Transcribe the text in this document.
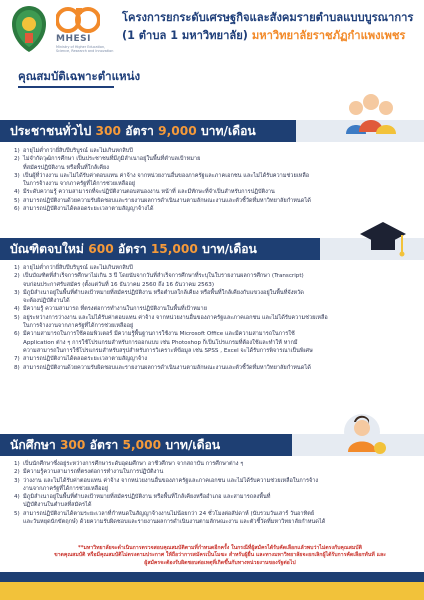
MHESI
Ministry of Higher Education, Science, Research and Innovation
โครงการยกระดับเศรษฐกิจและสังคมรายตำบลแบบบูรณาการ
(1 ตำบล 1 มหาวิทยาลัย) มหาวิทยาลัยราชภัฏกำแพงเพชร
คุณสมบัติเฉพาะตำแหน่ง
ประชาชนทั่วไป 300 อัตรา 9,000 บาท/เดือน
1) อายุไม่ต่ำกว่ายี่สิบปีบริบูรณ์ และไม่เกินหกสิบปี
2) ไม่จำกัดวุฒิการศึกษา เป็นประชาชนที่มีภูมิลำเนาอยู่ในพื้นที่ตำบลเป้าหมาย
ที่สมัครปฏิบัติงาน หรือพื้นที่ใกล้เคียง
3) เป็นผู้ที่ว่างงาน และไม่ได้รับค่าตอบแทน ค่าจ้าง จากหน่วยงานอื่นของภาครัฐและภาคเอกชน และไม่ได้รับความช่วยเหลือ
ในการจ้างงาน จากภาครัฐที่ได้การช่วยเหลืออยู่
4) มีระดับความรู้ ความสามารถที่จะปฏิบัติงานตอบสนองงาน หน้าที่ และมีทักษะที่จำเป็นสำหรับการปฏิบัติงาน
5) สามารถปฏิบัติงานด้วยความรับผิดชอบและรายงานผลการดำเนินงานตามลักษณะงานและตัวชี้วัดที่มหาวิทยาลัยกำหนดได้
6) สามารถปฏิบัติงานได้ตลอดระยะเวลาตามสัญญาจ้างได้
บัณฑิตจบใหม่ 600 อัตรา 15,000 บาท/เดือน
1) อายุไม่ต่ำกว่ายี่สิบปีบริบูรณ์ และไม่เกินหกสิบปี
2) เป็นบัณฑิตที่สำเร็จการศึกษาไม่เกิน 3 ปี โดยนับจากวันที่สำเร็จการศึกษาที่ระบุในใบรายงานผลการศึกษา (Transcript)
จบก่อนประกาศรับสมัคร (ตั้งแต่วันที่ 16 ธันวาคม 2560 ถึง 16 ธันวาคม 2563)
3) มีภูมิลำเนาอยู่ในพื้นที่ตำบลเป้าหมายที่สมัครปฏิบัติงาน หรือตำบลใกล้เคียง หรือพื้นที่ใกล้เคียงกับแขวงอยู่ในพื้นที่จังหวัด
จะต้องปฏิบัติงานได้
4) มีความรู้ ความสามารถ ที่ตรงต่อการทำงานในการปฏิบัติงานในพื้นที่เป้าหมาย
5) อยู่ระหว่างการว่างงาน และไม่ได้รับค่าตอบแทน ค่าจ้าง จากหน่วยงานอื่นของภาครัฐและภาคเอกชน และไม่ได้รับความช่วยเหลือ
ในการจ้างงานจากภาครัฐที่ได้การช่วยเหลืออยู่
6) มีความสามารถในการใช้คอมพิวเตอร์ มีความรู้พื้นฐานการใช้งาน Microsoft Office และมีความสามารถในการใช้
Application ต่าง ๆ การใช้โปรแกรมสำหรับการออกแบบ เช่น Photoshop ก็เป็นโปรแกรมที่ต้องใช้และทำให้ หากมี
ความสามารถในการใช้โปรแกรมสำหรับสรุปสำหรับการวิเคราะห์ข้อมูล เช่น SPSS , Excel จะได้รับการพิจารณาเป็นพิเศษ
7) สามารถปฏิบัติงานได้ตลอดระยะเวลาตามสัญญาจ้าง
8) สามารถปฏิบัติงานด้วยความรับผิดชอบและรายงานผลการดำเนินงานตามลักษณะงานและตัวชี้วัดที่มหาวิทยาลัยกำหนดได้
นักศึกษา 300 อัตรา 5,000 บาท/เดือน
1) เป็นนักศึกษาซึ่งอยู่ระหว่างการศึกษาระดับอุดมศึกษา อาชีวศึกษา จากสถาบัน การศึกษาต่าง ๆ
2) มีความรู้ความสามารถที่ตรงต่อการทำงานในการปฏิบัติงาน
3) ว่างงาน และไม่ได้รับค่าตอบแทน ค่าจ้าง จากหน่วยงานอื่นของภาครัฐและภาคเอกชน และไม่ได้รับความช่วยเหลือในการจ้าง
งานจากภาครัฐที่ได้การช่วยเหลืออยู่
4) มีภูมิลำเนาอยู่ในพื้นที่ตำบลเป้าหมายที่สมัครปฏิบัติงาน หรือพื้นที่ใกล้เคียงหรืออำเภอ และสามารถลงพื้นที่
ปฏิบัติงานในตำบลที่สมัครได้
5) สามารถปฏิบัติงานได้ตามระยะเวลาที่กำหนดในสัญญาจ้างงานไม่น้อยกว่า 24 ชั่วโมงต่อสัปดาห์ (นับรวมวันเสาร์ วันอาทิตย์
และวันหยุดนักขัตฤกษ์) ด้วยความรับผิดชอบและรายงานผลการดำเนินงานตามลักษณะงาน และตัวชี้วัดที่มหาวิทยาลัยกำหนดได้
**มหาวิทยาลัยจะดำเนินการตรวจสอบคุณสมบัติตามที่กำหนดอีกครั้ง ในกรณีที่ผู้สมัครได้รับคัดเลือกแล้วพบว่าไม่ตรงกับคุณสมบัติ
ขาดคุณสมบัติ หรือมีคุณสมบัติไม่ตรงตามประกาศ ให้ถือว่าการสมัครเป็นโมฆะ สำหรับผู้ยื่น และทางมหาวิทยาลัยจะยกเลิกผู้ได้รับการคัดเลือกทันที และ
ผู้สมัครจะต้องรับผิดชอบต่อเหตุที่เกิดขึ้นกับทางหน่วยงานของรัฐต่อไป
